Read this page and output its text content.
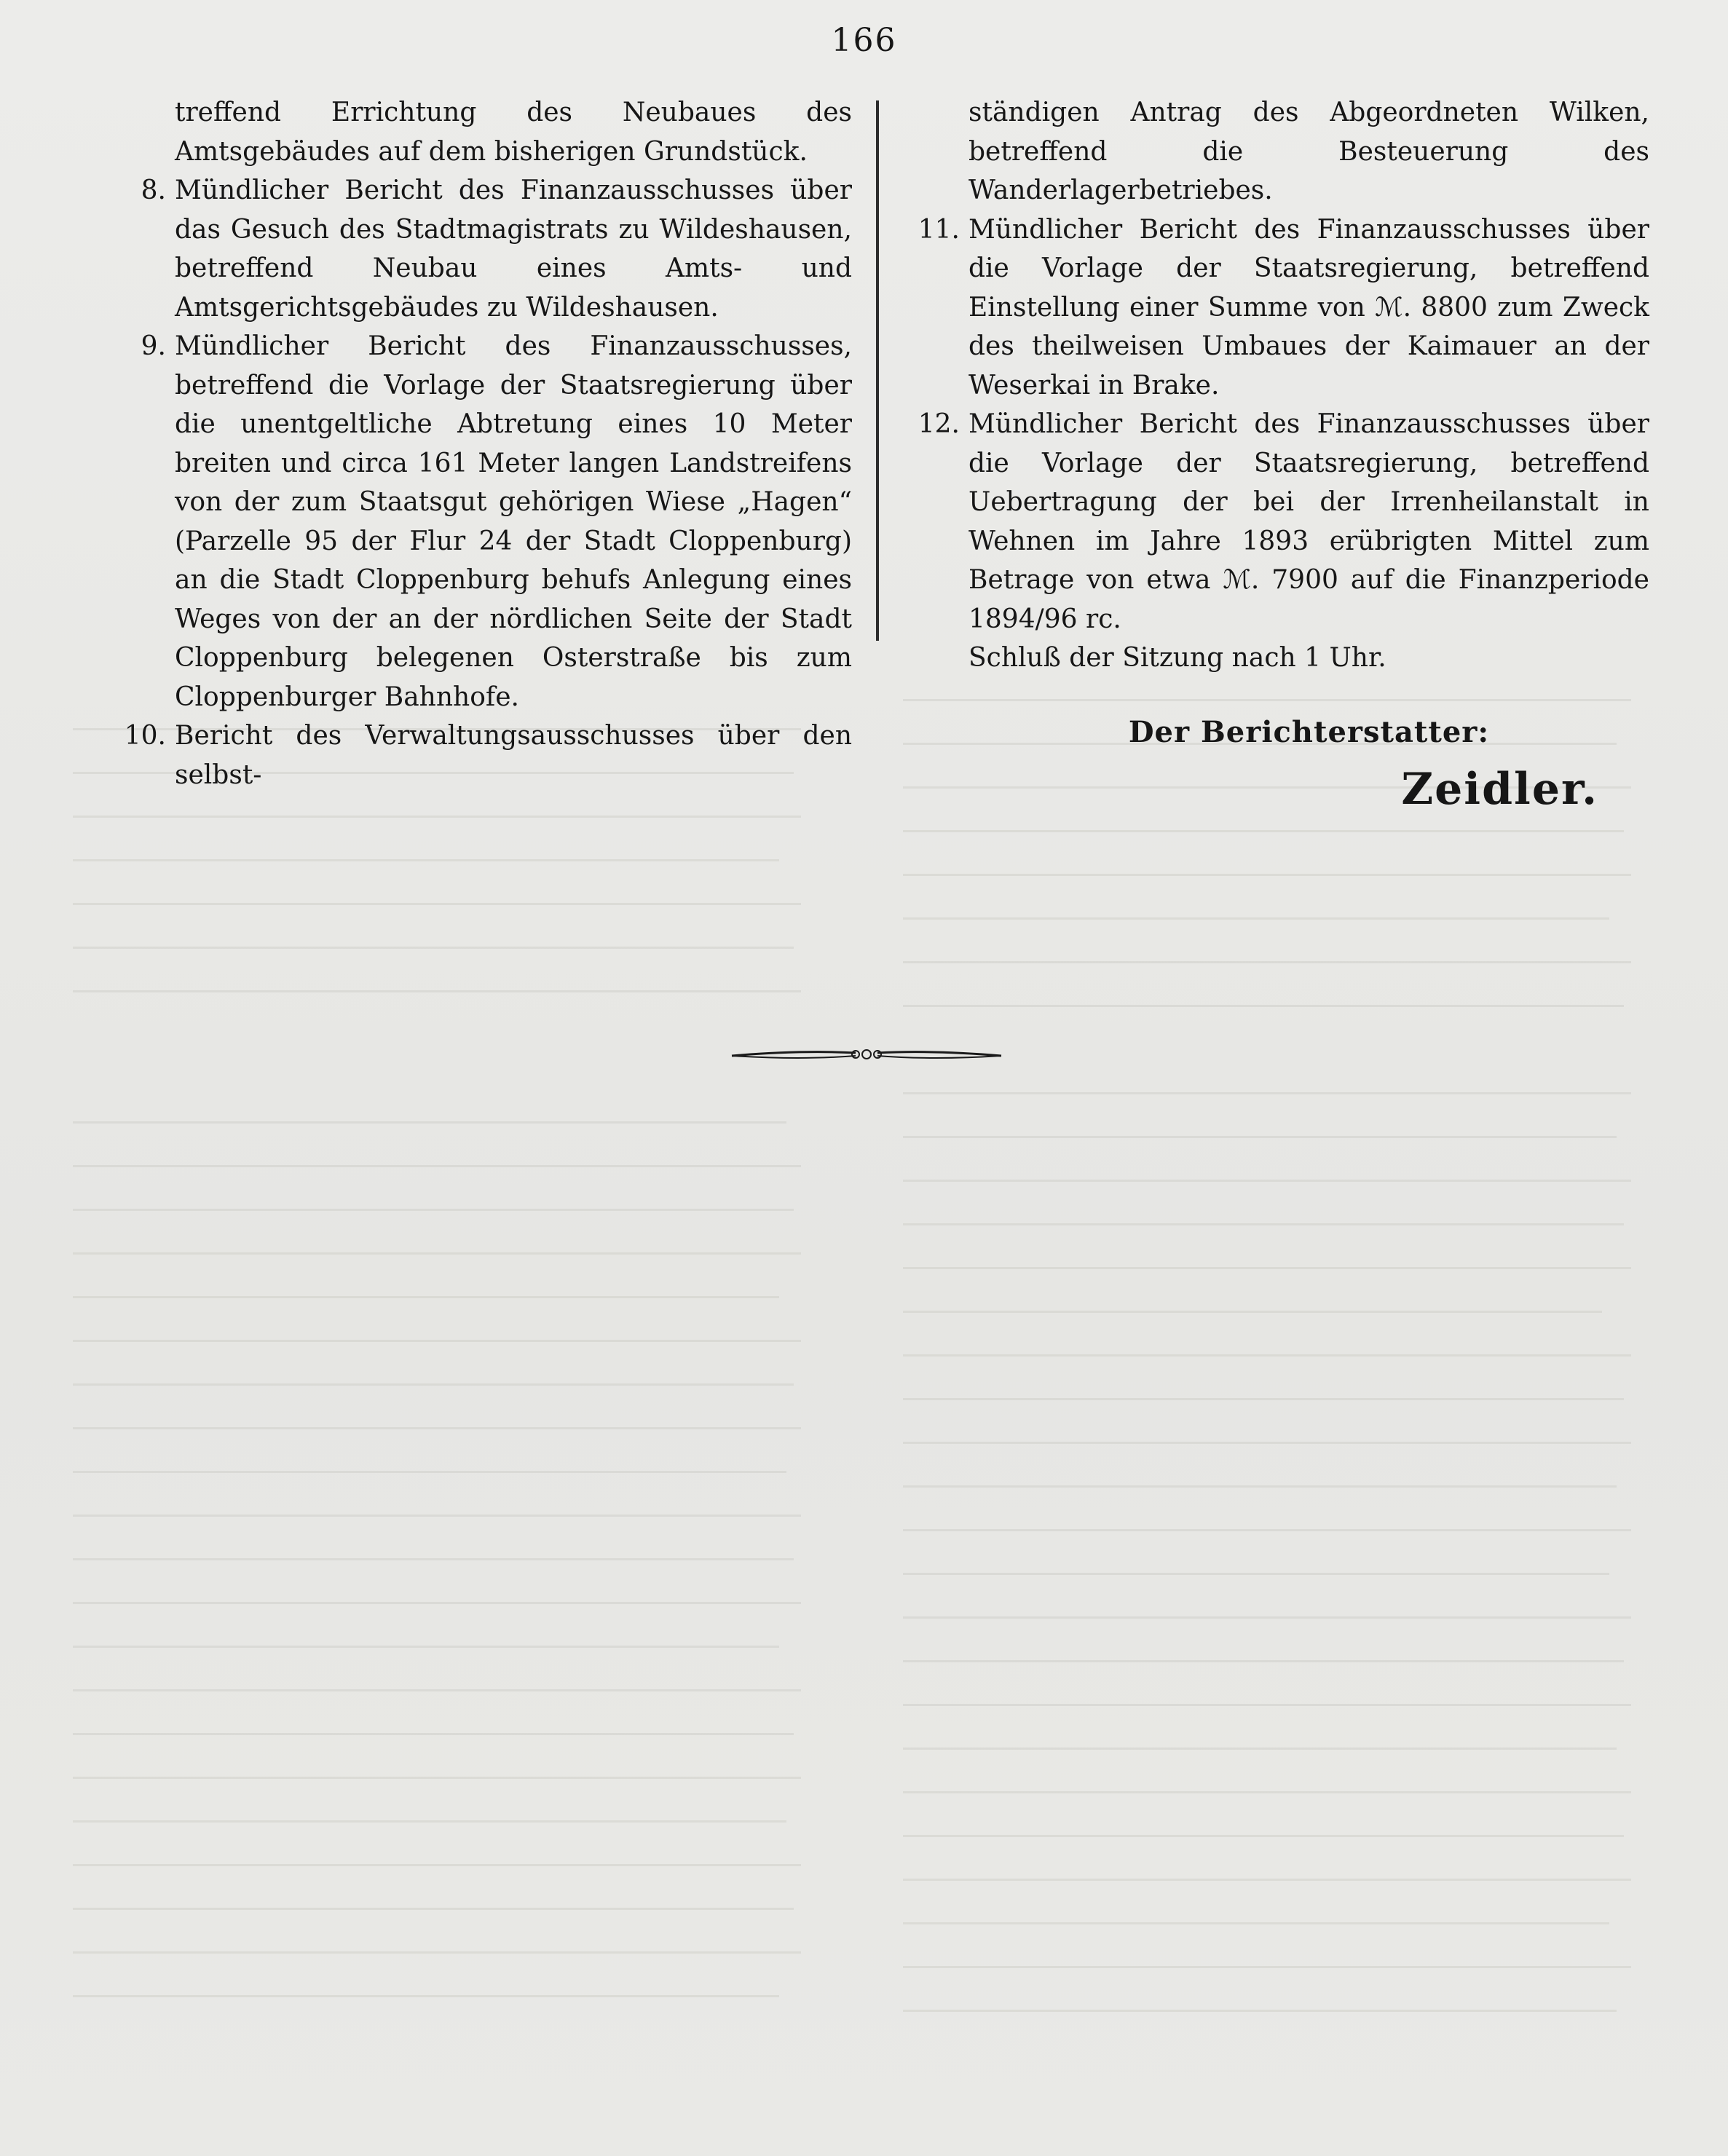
166

treffend Errichtung des Neubaues des Amtsgebäudes auf dem bisherigen Grundstück.

8. Mündlicher Bericht des Finanzausschusses über das Gesuch des Stadtmagistrats zu Wildeshausen, betreffend Neubau eines Amts- und Amtsgerichtsgebäudes zu Wildeshausen.

9. Mündlicher Bericht des Finanzausschusses, betreffend die Vorlage der Staatsregierung über die unentgeltliche Abtretung eines 10 Meter breiten und circa 161 Meter langen Landstreifens von der zum Staatsgut gehörigen Wiese „Hagen“ (Parzelle 95 der Flur 24 der Stadt Cloppenburg) an die Stadt Cloppenburg behufs Anlegung eines Weges von der an der nördlichen Seite der Stadt Cloppenburg belegenen Osterstraße bis zum Cloppenburger Bahnhofe.

10. Bericht des Verwaltungsausschusses über den selbst-

ständigen Antrag des Abgeordneten Wilken, betreffend die Besteuerung des Wanderlagerbetriebes.

11. Mündlicher Bericht des Finanzausschusses über die Vorlage der Staatsregierung, betreffend Einstellung einer Summe von ℳ. 8800 zum Zweck des theilweisen Umbaues der Kaimauer an der Weserkai in Brake.

12. Mündlicher Bericht des Finanzausschusses über die Vorlage der Staatsregierung, betreffend Uebertragung der bei der Irrenheilanstalt in Wehnen im Jahre 1893 erübrigten Mittel zum Betrage von etwa ℳ. 7900 auf die Finanzperiode 1894/96 rc.

Schluß der Sitzung nach 1 Uhr.

Der Berichterstatter:

Zeidler.
